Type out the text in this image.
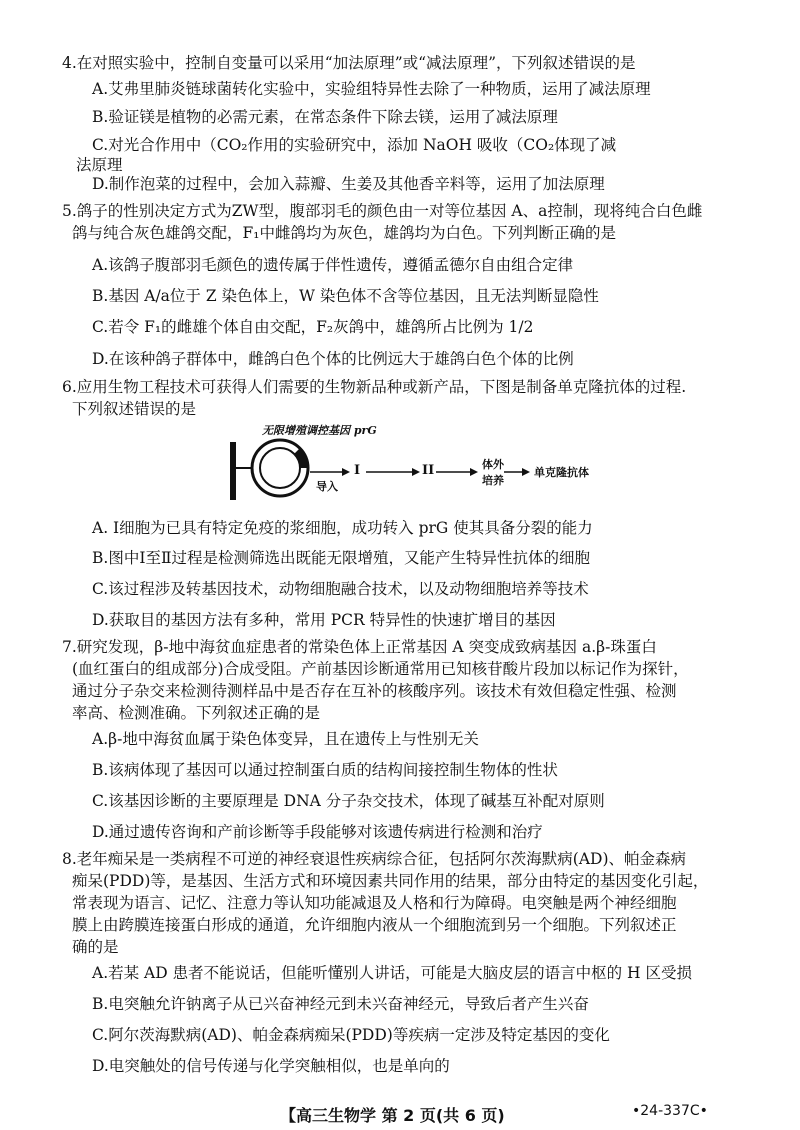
4.在对照实验中，控制自变量可以采用“加法原理”或“减法原理”，下列叙述错误的是
A.艾弗里肺炎链球菌转化实验中，实验组特异性去除了一种物质，运用了减法原理
B.验证镁是植物的必需元素，在常态条件下除去镁，运用了减法原理
C.对光合作用中（CO₂作用的实验研究中，添加 NaOH 吸收（CO₂体现了减
法原理
D.制作泡菜的过程中，会加入蒜瓣、生姜及其他香辛料等，运用了加法原理
5.鸽子的性别决定方式为ZW型，腹部羽毛的颜色由一对等位基因 A、a控制，现将纯合白色雌
鸽与纯合灰色雄鸽交配，F₁中雌鸽均为灰色，雄鸽均为白色。下列判断正确的是
A.该鸽子腹部羽毛颜色的遗传属于伴性遗传，遵循孟德尔自由组合定律
B.基因 A/a位于 Z 染色体上，W 染色体不含等位基因，且无法判断显隐性
C.若令 F₁的雌雄个体自由交配，F₂灰鸽中，雄鸽所占比例为 1/2
D.在该种鸽子群体中，雌鸽白色个体的比例远大于雄鸽白色个体的比例
6.应用生物工程技术可获得人们需要的生物新品种或新产品，下图是制备单克隆抗体的过程.
下列叙述错误的是
无限增殖调控基因 prG
导入
I	II	体外
培养
单克隆抗体
A. I细胞为已具有特定免疫的浆细胞，成功转入 prG 使其具备分裂的能力
B.图中Ⅰ至Ⅱ过程是检测筛选出既能无限增殖，又能产生特异性抗体的细胞
C.该过程涉及转基因技术，动物细胞融合技术，以及动物细胞培养等技术
D.获取目的基因方法有多种，常用 PCR 特异性的快速扩增目的基因
7.研究发现，β-地中海贫血症患者的常染色体上正常基因 A 突变成致病基因 a.β-珠蛋白
(血红蛋白的组成部分)合成受阻。产前基因诊断通常用已知核苷酸片段加以标记作为探针，
通过分子杂交来检测待测样品中是否存在互补的核酸序列。该技术有效但稳定性强、检测
率高、检测准确。下列叙述正确的是
A.β-地中海贫血属于染色体变异，且在遗传上与性别无关
B.该病体现了基因可以通过控制蛋白质的结构间接控制生物体的性状
C.该基因诊断的主要原理是 DNA 分子杂交技术，体现了碱基互补配对原则
D.通过遗传咨询和产前诊断等手段能够对该遗传病进行检测和治疗
8.老年痴呆是一类病程不可逆的神经衰退性疾病综合征，包括阿尔茨海默病(AD)、帕金森病
痴呆(PDD)等，是基因、生活方式和环境因素共同作用的结果，部分由特定的基因变化引起，
常表现为语言、记忆、注意力等认知功能减退及人格和行为障碍。电突触是两个神经细胞
膜上由跨膜连接蛋白形成的通道，允许细胞内液从一个细胞流到另一个细胞。下列叙述正
确的是
A.若某 AD 患者不能说话，但能听懂别人讲话，可能是大脑皮层的语言中枢的 H 区受损
B.电突触允许钠离子从已兴奋神经元到未兴奋神经元，导致后者产生兴奋
C.阿尔茨海默病(AD)、帕金森病痴呆(PDD)等疾病一定涉及特定基因的变化
D.电突触处的信号传递与化学突触相似，也是单向的
【高三生物学 第 2 页(共 6 页)	•24-337C•
